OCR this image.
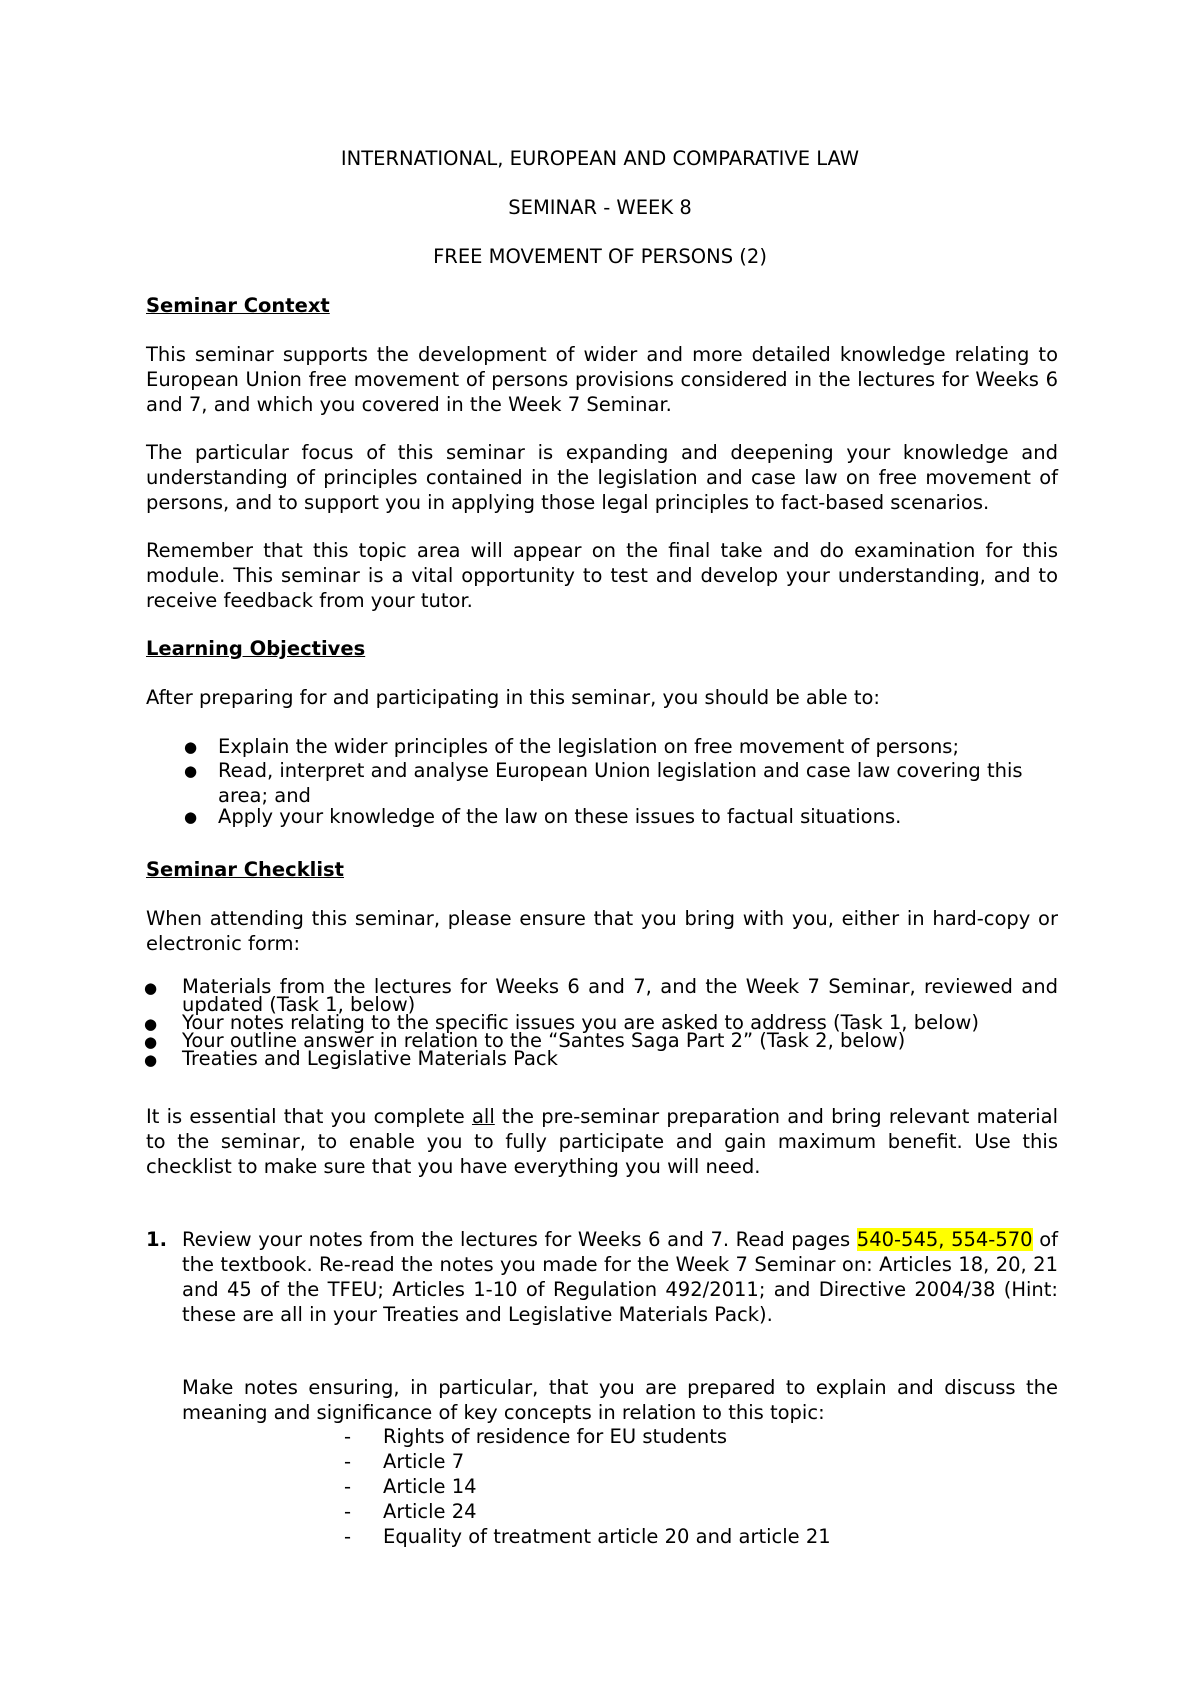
INTERNATIONAL, EUROPEAN AND COMPARATIVE LAW

SEMINAR - WEEK 8

FREE MOVEMENT OF PERSONS (2)

Seminar Context

This seminar supports the development of wider and more detailed knowledge relating to European Union free movement of persons provisions considered in the lectures for Weeks 6 and 7, and which you covered in the Week 7 Seminar.

The particular focus of this seminar is expanding and deepening your knowledge and understanding of principles contained in the legislation and case law on free movement of persons, and to support you in applying those legal principles to fact-based scenarios.

Remember that this topic area will appear on the final take and do examination for this module. This seminar is a vital opportunity to test and develop your understanding, and to receive feedback from your tutor.

Learning Objectives

After preparing for and participating in this seminar, you should be able to:

● Explain the wider principles of the legislation on free movement of persons;
● Read, interpret and analyse European Union legislation and case law covering this area; and
● Apply your knowledge of the law on these issues to factual situations.

Seminar Checklist

When attending this seminar, please ensure that you bring with you, either in hard-copy or electronic form:

● Materials from the lectures for Weeks 6 and 7, and the Week 7 Seminar, reviewed and updated (Task 1, below)
● Your notes relating to the specific issues you are asked to address (Task 1, below)
● Your outline answer in relation to the “Santes Saga Part 2” (Task 2, below)
● Treaties and Legislative Materials Pack

It is essential that you complete all the pre-seminar preparation and bring relevant material to the seminar, to enable you to fully participate and gain maximum benefit. Use this checklist to make sure that you have everything you will need.

1. Review your notes from the lectures for Weeks 6 and 7. Read pages 540-545, 554-570 of the textbook. Re-read the notes you made for the Week 7 Seminar on: Articles 18, 20, 21 and 45 of the TFEU; Articles 1-10 of Regulation 492/2011; and Directive 2004/38 (Hint: these are all in your Treaties and Legislative Materials Pack).

Make notes ensuring, in particular, that you are prepared to explain and discuss the meaning and significance of key concepts in relation to this topic:

- Rights of residence for EU students
- Article 7
- Article 14
- Article 24
- Equality of treatment article 20 and article 21
